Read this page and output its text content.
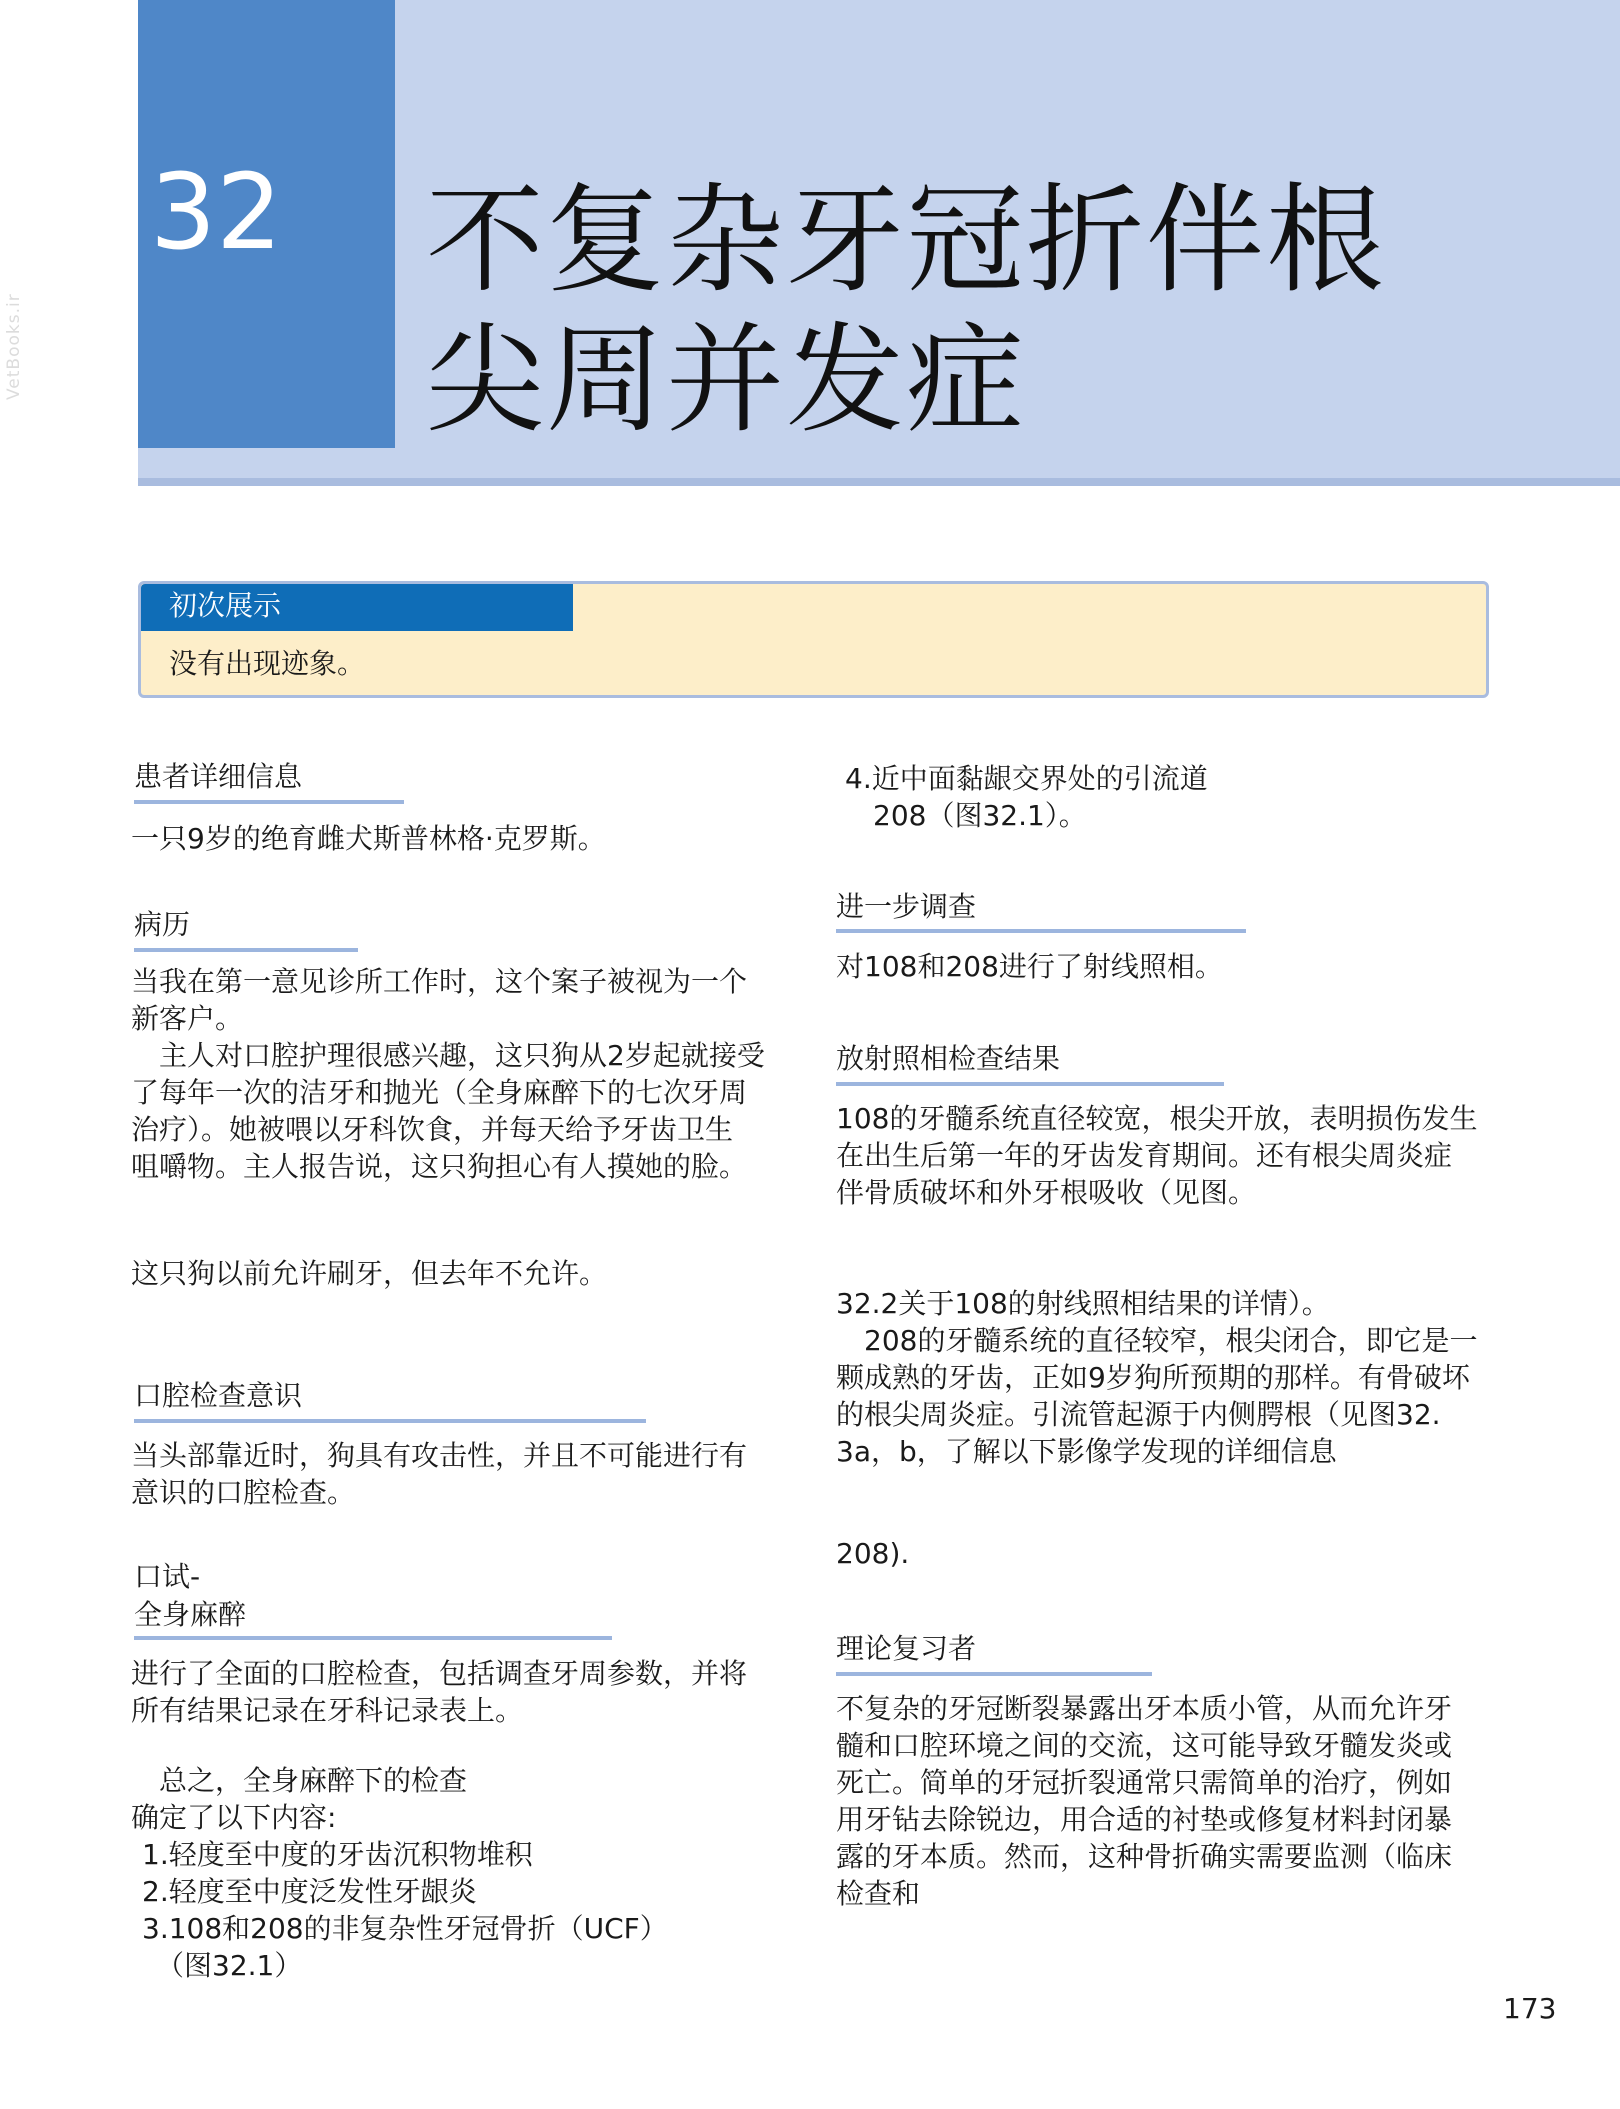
VetBooks.ir
32 不复杂牙冠折伴根
尖周并发症
初次展示
没有出现迹象。
患者详细信息
一只9岁的绝育雌犬斯普林格·克罗斯。
病历
当我在第一意见诊所工作时，这个案子被视为一个
新客户。
　主人对口腔护理很感兴趣，这只狗从2岁起就接受
了每年一次的洁牙和抛光（全身麻醉下的七次牙周
治疗）。她被喂以牙科饮食，并每天给予牙齿卫生
咀嚼物。主人报告说，这只狗担心有人摸她的脸。
这只狗以前允许刷牙，但去年不允许。
口腔检查意识
当头部靠近时，狗具有攻击性，并且不可能进行有
意识的口腔检查。
口试-
全身麻醉
进行了全面的口腔检查，包括调查牙周参数，并将
所有结果记录在牙科记录表上。
　总之，全身麻醉下的检查
确定了以下内容:
1.轻度至中度的牙齿沉积物堆积
2.轻度至中度泛发性牙龈炎
3.108和208的非复杂性牙冠骨折（UCF）
　（图32.1）
4.近中面黏龈交界处的引流道
　208（图32.1）。
进一步调查
对108和208进行了射线照相。
放射照相检查结果
108的牙髓系统直径较宽，根尖开放，表明损伤发生
在出生后第一年的牙齿发育期间。还有根尖周炎症
伴骨质破坏和外牙根吸收（见图。
32.2关于108的射线照相结果的详情）。
　208的牙髓系统的直径较窄，根尖闭合，即它是一
颗成熟的牙齿，正如9岁狗所预期的那样。有骨破坏
的根尖周炎症。引流管起源于内侧腭根（见图32.
3a，b，了解以下影像学发现的详细信息
208).
理论复习者
不复杂的牙冠断裂暴露出牙本质小管，从而允许牙
髓和口腔环境之间的交流，这可能导致牙髓发炎或
死亡。简单的牙冠折裂通常只需简单的治疗，例如
用牙钻去除锐边，用合适的衬垫或修复材料封闭暴
露的牙本质。然而，这种骨折确实需要监测（临床
检查和
173
